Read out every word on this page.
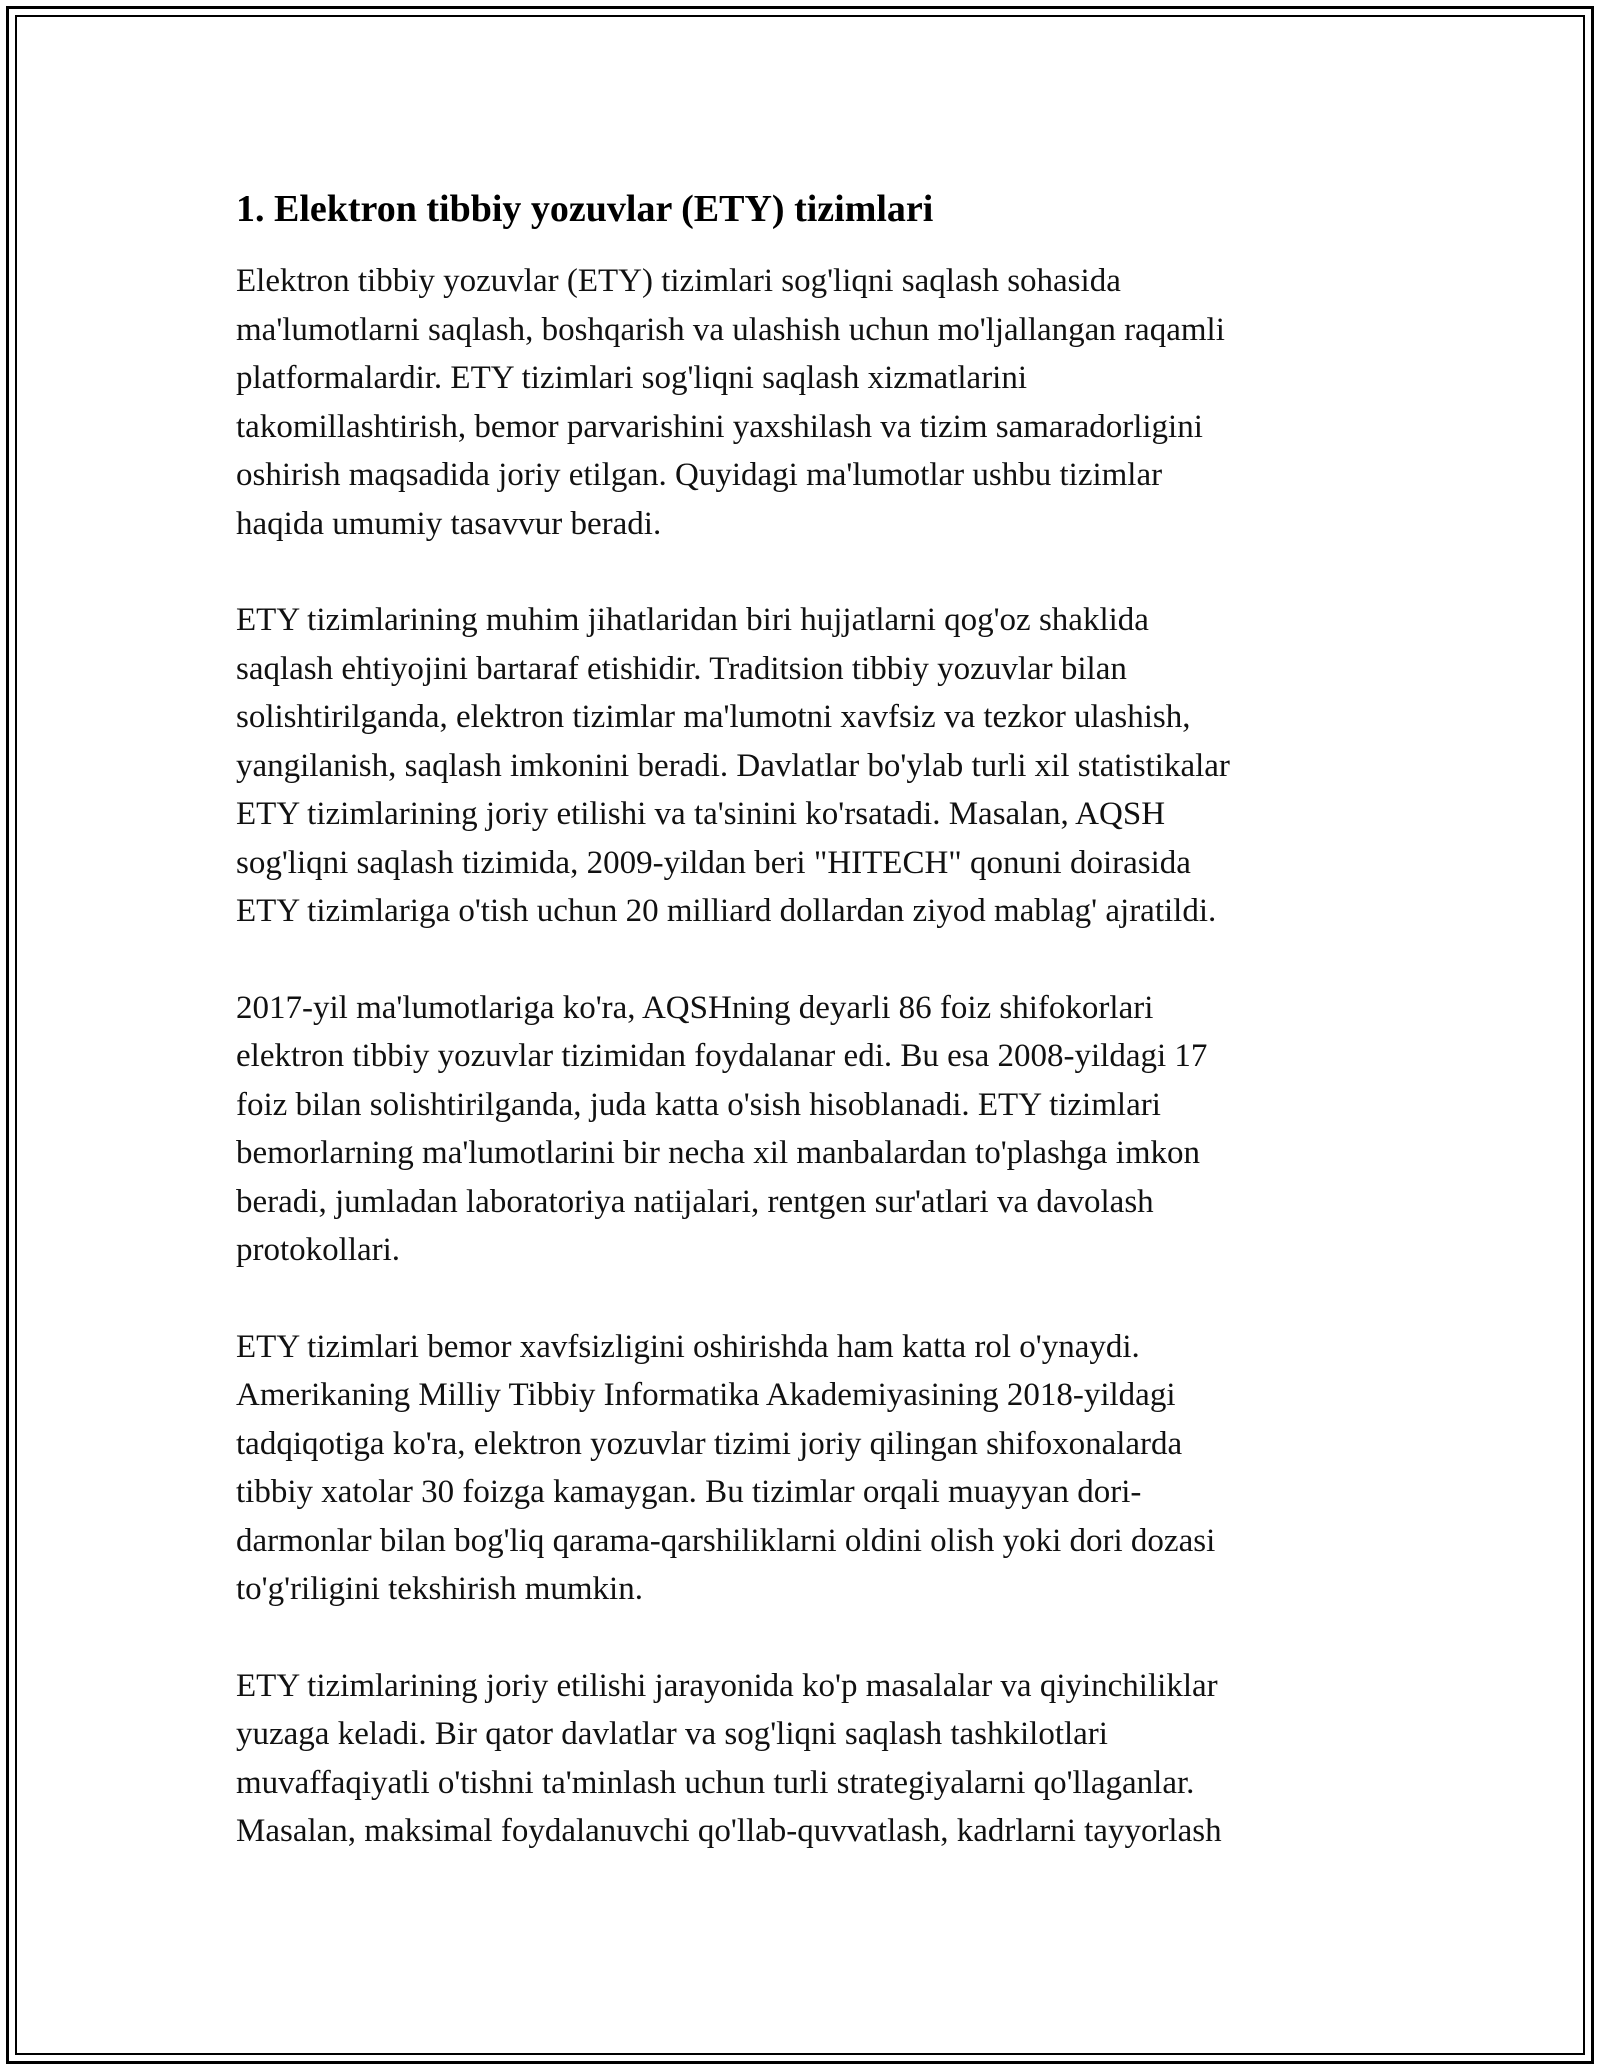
1. Elektron tibbiy yozuvlar (ETY) tizimlari

Elektron tibbiy yozuvlar (ETY) tizimlari sog'liqni saqlash sohasida
ma'lumotlarni saqlash, boshqarish va ulashish uchun mo'ljallangan raqamli
platformalardir. ETY tizimlari sog'liqni saqlash xizmatlarini
takomillashtirish, bemor parvarishini yaxshilash va tizim samaradorligini
oshirish maqsadida joriy etilgan. Quyidagi ma'lumotlar ushbu tizimlar
haqida umumiy tasavvur beradi.

ETY tizimlarining muhim jihatlaridan biri hujjatlarni qog'oz shaklida
saqlash ehtiyojini bartaraf etishidir. Traditsion tibbiy yozuvlar bilan
solishtirilganda, elektron tizimlar ma'lumotni xavfsiz va tezkor ulashish,
yangilanish, saqlash imkonini beradi. Davlatlar bo'ylab turli xil statistikalar
ETY tizimlarining joriy etilishi va ta'sinini ko'rsatadi. Masalan, AQSH
sog'liqni saqlash tizimida, 2009-yildan beri "HITECH" qonuni doirasida
ETY tizimlariga o'tish uchun 20 milliard dollardan ziyod mablag' ajratildi.

2017-yil ma'lumotlariga ko'ra, AQSHning deyarli 86 foiz shifokorlari
elektron tibbiy yozuvlar tizimidan foydalanar edi. Bu esa 2008-yildagi 17
foiz bilan solishtirilganda, juda katta o'sish hisoblanadi. ETY tizimlari
bemorlarning ma'lumotlarini bir necha xil manbalardan to'plashga imkon
beradi, jumladan laboratoriya natijalari, rentgen sur'atlari va davolash
protokollari.

ETY tizimlari bemor xavfsizligini oshirishda ham katta rol o'ynaydi.
Amerikaning Milliy Tibbiy Informatika Akademiyasining 2018-yildagi
tadqiqotiga ko'ra, elektron yozuvlar tizimi joriy qilingan shifoxonalarda
tibbiy xatolar 30 foizga kamaygan. Bu tizimlar orqali muayyan dori-
darmonlar bilan bog'liq qarama-qarshiliklarni oldini olish yoki dori dozasi
to'g'riligini tekshirish mumkin.

ETY tizimlarining joriy etilishi jarayonida ko'p masalalar va qiyinchiliklar
yuzaga keladi. Bir qator davlatlar va sog'liqni saqlash tashkilotlari
muvaffaqiyatli o'tishni ta'minlash uchun turli strategiyalarni qo'llaganlar.
Masalan, maksimal foydalanuvchi qo'llab-quvvatlash, kadrlarni tayyorlash
